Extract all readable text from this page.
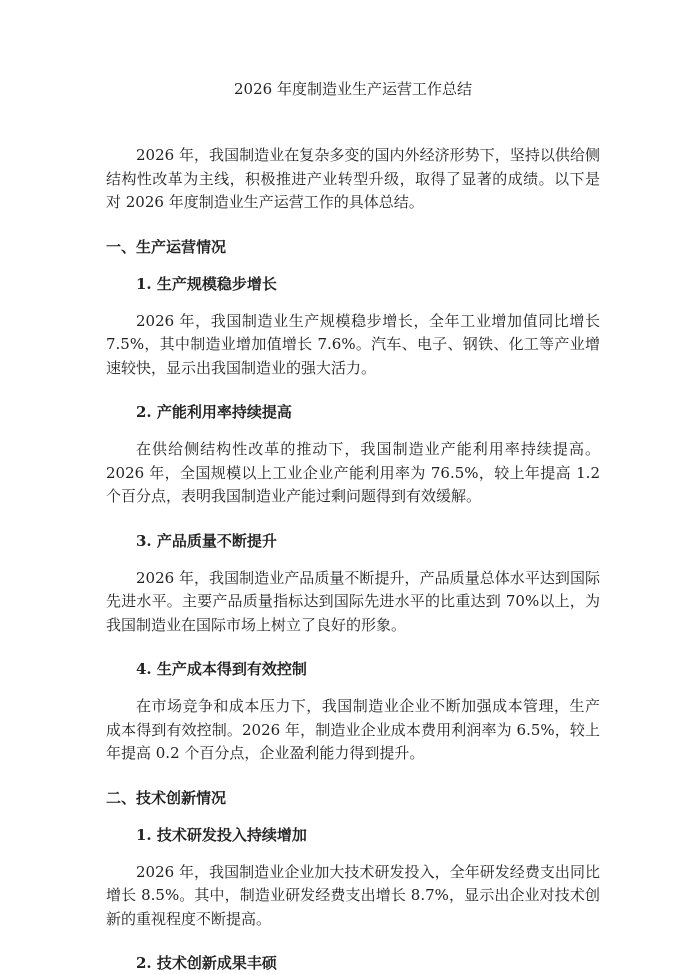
2026 年度制造业生产运营工作总结

2026 年，我国制造业在复杂多变的国内外经济形势下，坚持以供给侧结构性改革为主线，积极推进产业转型升级，取得了显著的成绩。以下是对 2026 年度制造业生产运营工作的具体总结。

一、生产运营情况
1. 生产规模稳步增长

2026 年，我国制造业生产规模稳步增长，全年工业增加值同比增长 7.5%，其中制造业增加值增长 7.6%。汽车、电子、钢铁、化工等产业增速较快，显示出我国制造业的强大活力。

2. 产能利用率持续提高

在供给侧结构性改革的推动下，我国制造业产能利用率持续提高。2026 年，全国规模以上工业企业产能利用率为 76.5%，较上年提高 1.2 个百分点，表明我国制造业产能过剩问题得到有效缓解。

3. 产品质量不断提升

2026 年，我国制造业产品质量不断提升，产品质量总体水平达到国际先进水平。主要产品质量指标达到国际先进水平的比重达到 70%以上，为我国制造业在国际市场上树立了良好的形象。

4. 生产成本得到有效控制

在市场竞争和成本压力下，我国制造业企业不断加强成本管理，生产成本得到有效控制。2026 年，制造业企业成本费用利润率为 6.5%，较上年提高 0.2 个百分点，企业盈利能力得到提升。

二、技术创新情况
1. 技术研发投入持续增加

2026 年，我国制造业企业加大技术研发投入，全年研发经费支出同比增长 8.5%。其中，制造业研发经费支出增长 8.7%，显示出企业对技术创新的重视程度不断提高。

2. 技术创新成果丰硕
